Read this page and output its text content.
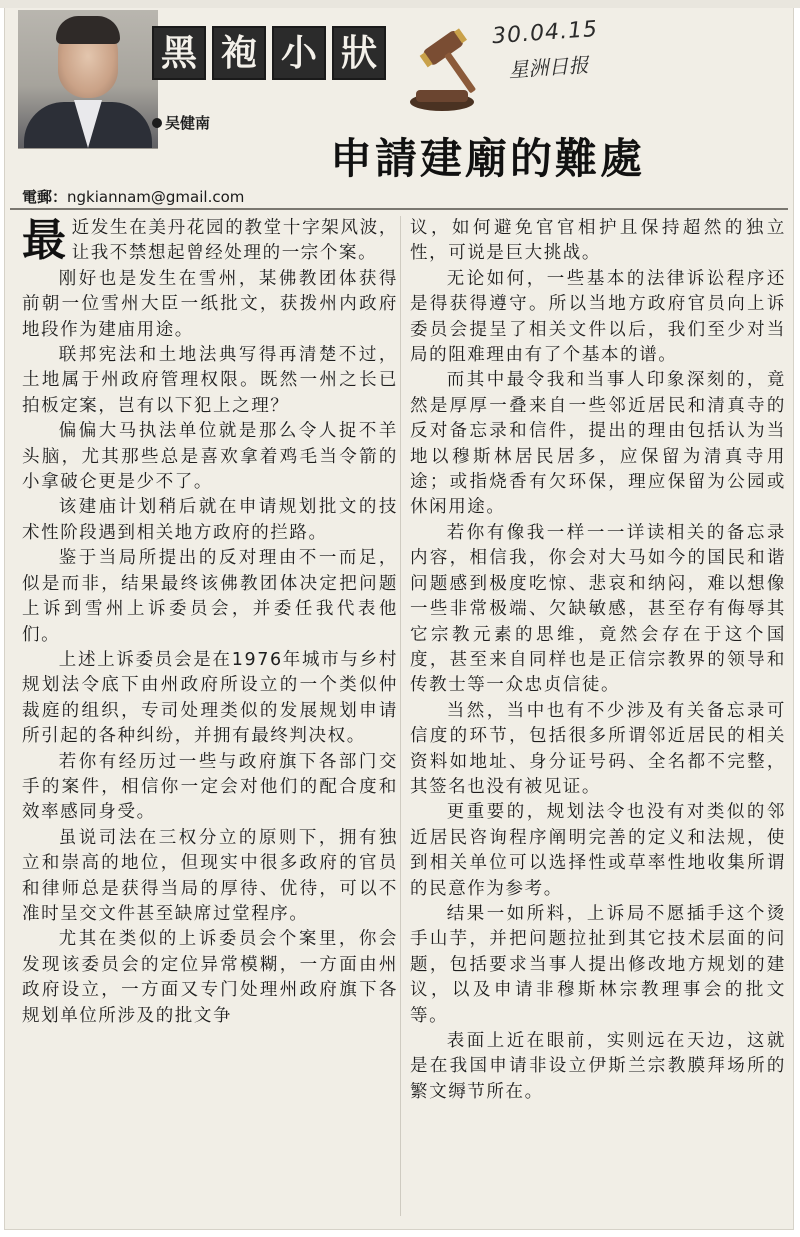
黑 袍 小 狀	30.04.15
星洲日报
吴健南
申請建廟的難處
電郵：ngkiannam@gmail.com

最近发生在美丹花园的教堂十字架风波，让我不禁想起曾经处理的一宗个案。

刚好也是发生在雪州，某佛教团体获得前朝一位雪州大臣一纸批文，获拨州内政府地段作为建庙用途。

联邦宪法和土地法典写得再清楚不过，土地属于州政府管理权限。既然一州之长已拍板定案，岂有以下犯上之理？

偏偏大马执法单位就是那么令人捉不羊头脑，尤其那些总是喜欢拿着鸡毛当令箭的小拿破仑更是少不了。

该建庙计划稍后就在申请规划批文的技术性阶段遇到相关地方政府的拦路。

鉴于当局所提出的反对理由不一而足，似是而非，结果最终该佛教团体决定把问题上诉到雪州上诉委员会，并委任我代表他们。

上述上诉委员会是在1976年城市与乡村规划法令底下由州政府所设立的一个类似仲裁庭的组织，专司处理类似的发展规划申请所引起的各种纠纷，并拥有最终判决权。

若你有经历过一些与政府旗下各部门交手的案件，相信你一定会对他们的配合度和效率感同身受。

虽说司法在三权分立的原则下，拥有独立和崇高的地位，但现实中很多政府的官员和律师总是获得当局的厚待、优待，可以不准时呈交文件甚至缺席过堂程序。

尤其在类似的上诉委员会个案里，你会发现该委员会的定位异常模糊，一方面由州政府设立，一方面又专门处理州政府旗下各规划单位所涉及的批文争

议，如何避免官官相护且保持超然的独立性，可说是巨大挑战。

无论如何，一些基本的法律诉讼程序还是得获得遵守。所以当地方政府官员向上诉委员会提呈了相关文件以后，我们至少对当局的阻难理由有了个基本的谱。

而其中最令我和当事人印象深刻的，竟然是厚厚一叠来自一些邻近居民和清真寺的反对备忘录和信件，提出的理由包括认为当地以穆斯林居民居多，应保留为清真寺用途；或指烧香有欠环保，理应保留为公园或休闲用途。

若你有像我一样一一详读相关的备忘录内容，相信我，你会对大马如今的国民和谐问题感到极度吃惊、悲哀和纳闷，难以想像一些非常极端、欠缺敏感，甚至存有侮辱其它宗教元素的思维，竟然会存在于这个国度，甚至来自同样也是正信宗教界的领导和传教士等一众忠贞信徒。

当然，当中也有不少涉及有关备忘录可信度的环节，包括很多所谓邻近居民的相关资料如地址、身分证号码、全名都不完整，其签名也没有被见证。

更重要的，规划法令也没有对类似的邻近居民咨询程序阐明完善的定义和法规，使到相关单位可以选择性或草率性地收集所谓的民意作为参考。

结果一如所料，上诉局不愿插手这个烫手山芋，并把问题拉扯到其它技术层面的问题，包括要求当事人提出修改地方规划的建议，以及申请非穆斯林宗教理事会的批文等。

表面上近在眼前，实则远在天边，这就是在我国申请非设立伊斯兰宗教膜拜场所的繁文缛节所在。
